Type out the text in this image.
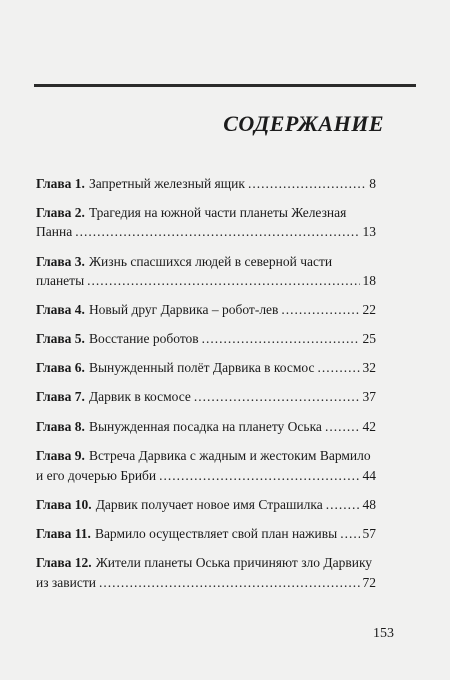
СОДЕРЖАНИЕ
Глава 1. Запретный железный ящик .....	8
Глава 2. Трагедия на южной части планеты Железная
Панна .....	13
Глава 3. Жизнь спасшихся людей в северной части
планеты .....	18
Глава 4. Новый друг Дарвика – робот-лев .....	22
Глава 5. Восстание роботов .....	25
Глава 6. Вынужденный полёт Дарвика в космос .....	32
Глава 7. Дарвик в космосе .....	37
Глава 8. Вынужденная посадка на планету Оська .....	42
Глава 9. Встреча Дарвика с жадным и жестоким Вармило
и его дочерью Бриби .....	44
Глава 10. Дарвик получает новое имя Страшилка .....	48
Глава 11. Вармило осуществляет свой план наживы ..... 57
Глава 12. Жители планеты Оська причиняют зло Дарвику
из зависти .....	72
153
